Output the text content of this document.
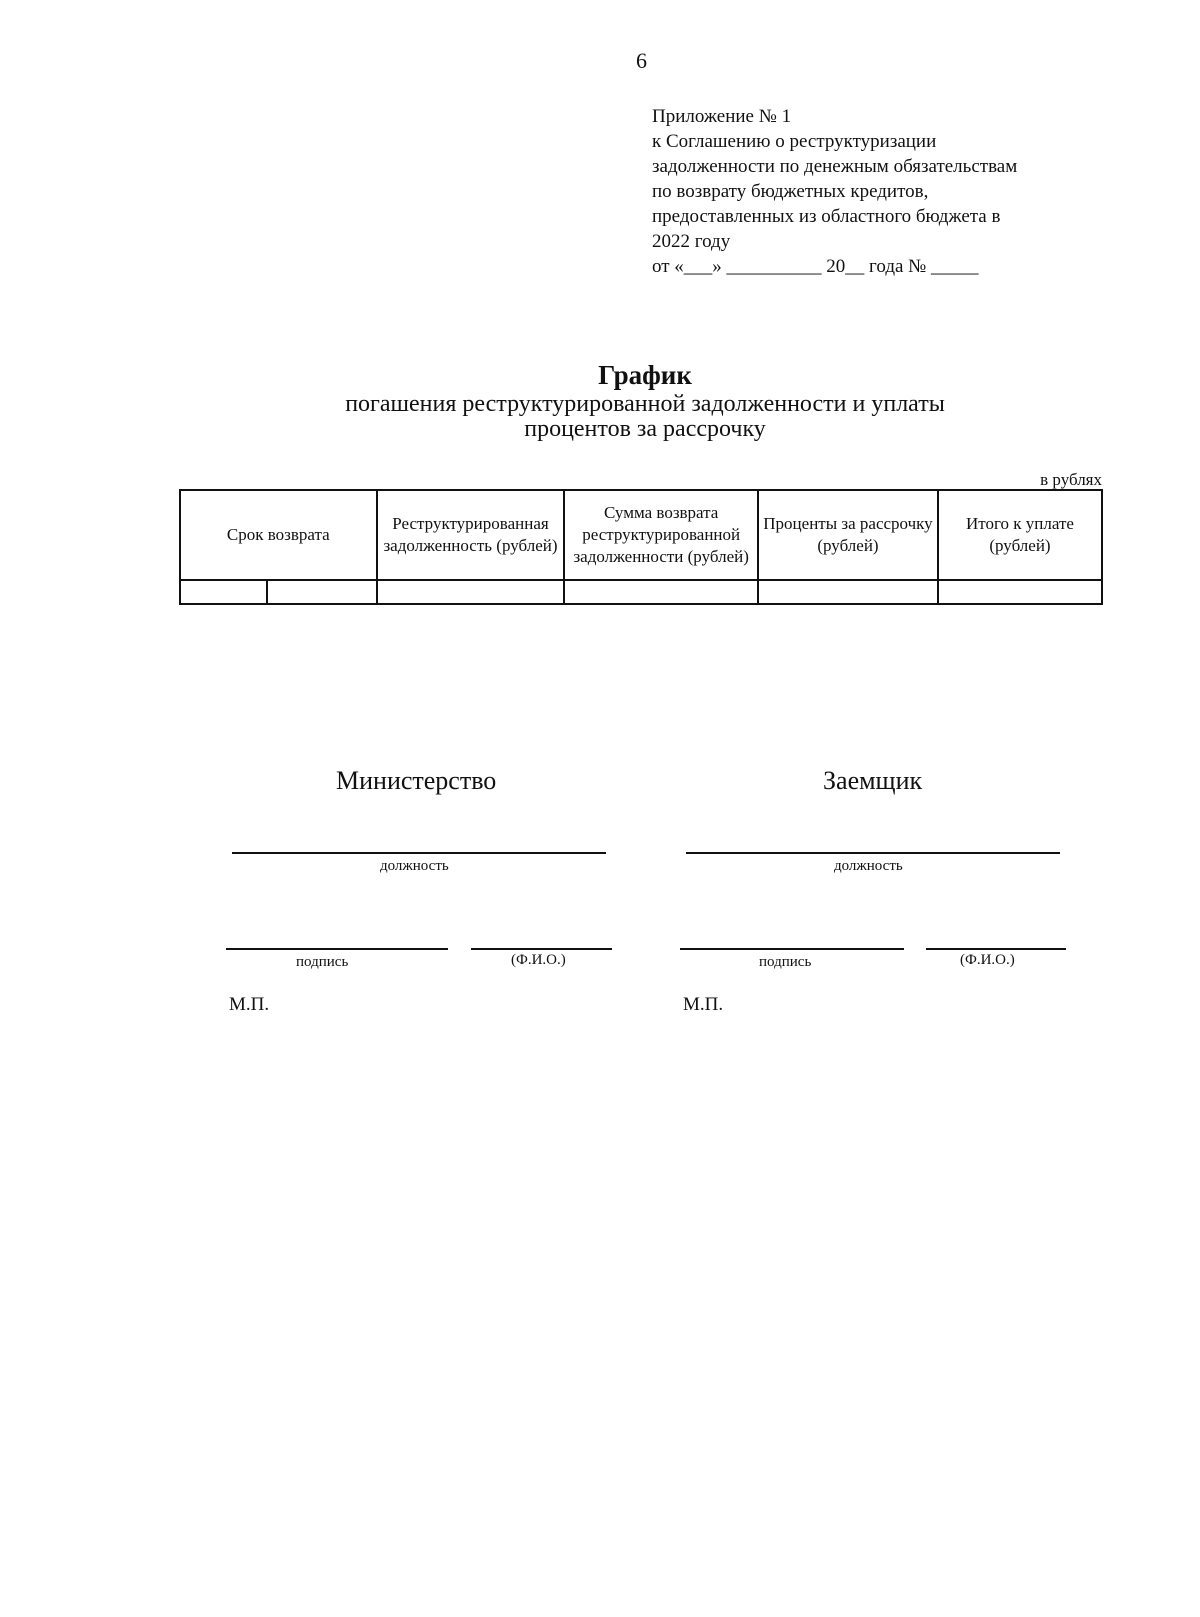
6
Приложение № 1
к Соглашению о реструктуризации
задолженности по денежным обязательствам
по возврату бюджетных кредитов,
предоставленных из областного бюджета в
2022 году
от «___» __________ 20__ года № _____
График
погашения реструктурированной задолженности и уплаты
процентов за рассрочку
в рублях
Срок возврата		Реструктурированная задолженность (рублей)	Сумма возврата реструктурированной задолженности (рублей)	Проценты за рассрочку (рублей)	Итого к уплате (рублей)

Министерство
должность
подпись	(Ф.И.О.)
М.П.
Заемщик
должность
подпись	(Ф.И.О.)
М.П.
